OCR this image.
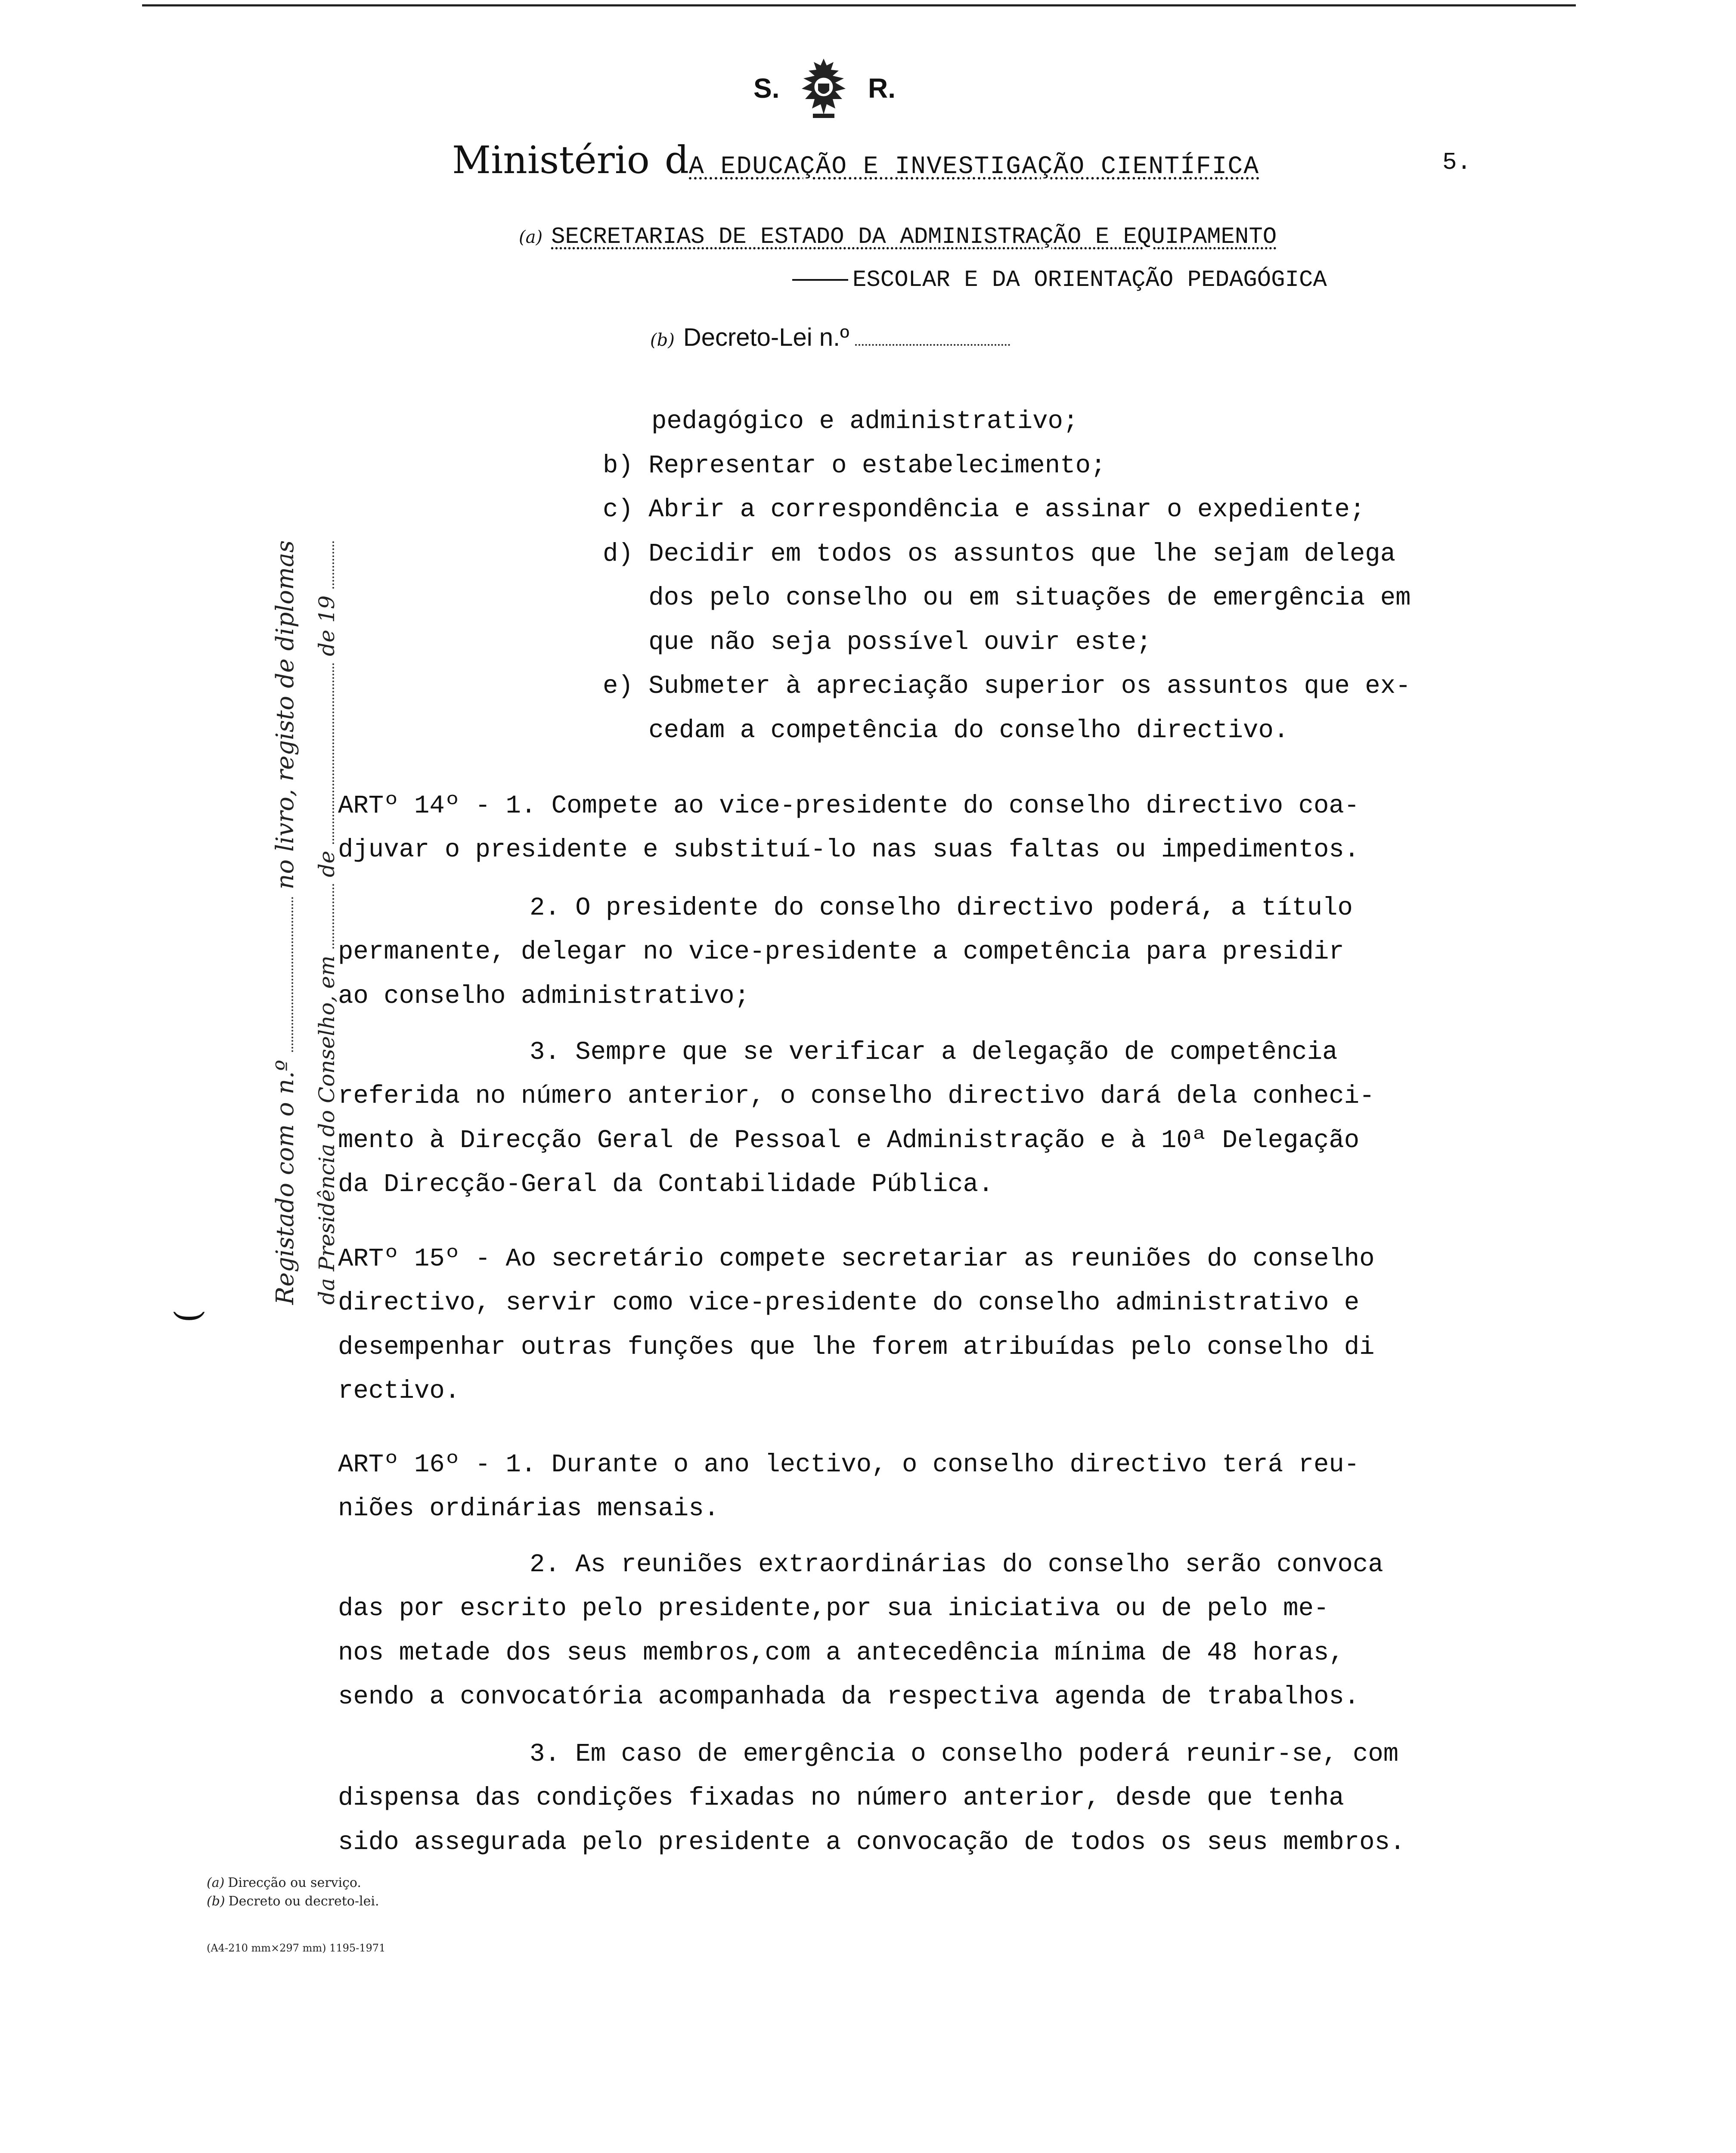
S.	R.
Ministério dA EDUCAÇÃO E INVESTIGAÇÃO CIENTÍFICA	5.
(a) SECRETARIAS DE ESTADO DA ADMINISTRAÇÃO E EQUIPAMENTO
ESCOLAR E DA ORIENTAÇÃO PEDAGÓGICA
(b) Decreto-Lei n.º
pedagógico e administrativo;
b) Representar o estabelecimento;
c) Abrir a correspondência e assinar o expediente;
d) Decidir em todos os assuntos que lhe sejam delega
dos pelo conselho ou em situações de emergência em
que não seja possível ouvir este;
e) Submeter à apreciação superior os assuntos que ex-
cedam a competência do conselho directivo.
ARTº 14º - 1. Compete ao vice-presidente do conselho directivo coa-
djuvar o presidente e substituí-lo nas suas faltas ou impedimentos.
2. O presidente do conselho directivo poderá, a título
permanente, delegar no vice-presidente a competência para presidir
ao conselho administrativo;
3. Sempre que se verificar a delegação de competência
referida no número anterior, o conselho directivo dará dela conheci-
mento à Direcção Geral de Pessoal e Administração e à 10ª Delegação
da Direcção-Geral da Contabilidade Pública.
ARTº 15º - Ao secretário compete secretariar as reuniões do conselho
directivo, servir como vice-presidente do conselho administrativo e
desempenhar outras funções que lhe forem atribuídas pelo conselho di
rectivo.
ARTº 16º - 1. Durante o ano lectivo, o conselho directivo terá reu-
niões ordinárias mensais.
2. As reuniões extraordinárias do conselho serão convoca
das por escrito pelo presidente,por sua iniciativa ou de pelo me-
nos metade dos seus membros,com a antecedência mínima de 48 horas,
sendo a convocatória acompanhada da respectiva agenda de trabalhos.
3. Em caso de emergência o conselho poderá reunir-se, com
dispensa das condições fixadas no número anterior, desde que tenha
sido assegurada pelo presidente a convocação de todos os seus membros.
(
Registado com o n.º  no livro, registo de diplomas
da Presidência do Conselho, em  de  de 19
(a) Direcção ou serviço.
(b) Decreto ou decreto-lei.
(A4-210 mm×297 mm) 1195-1971
